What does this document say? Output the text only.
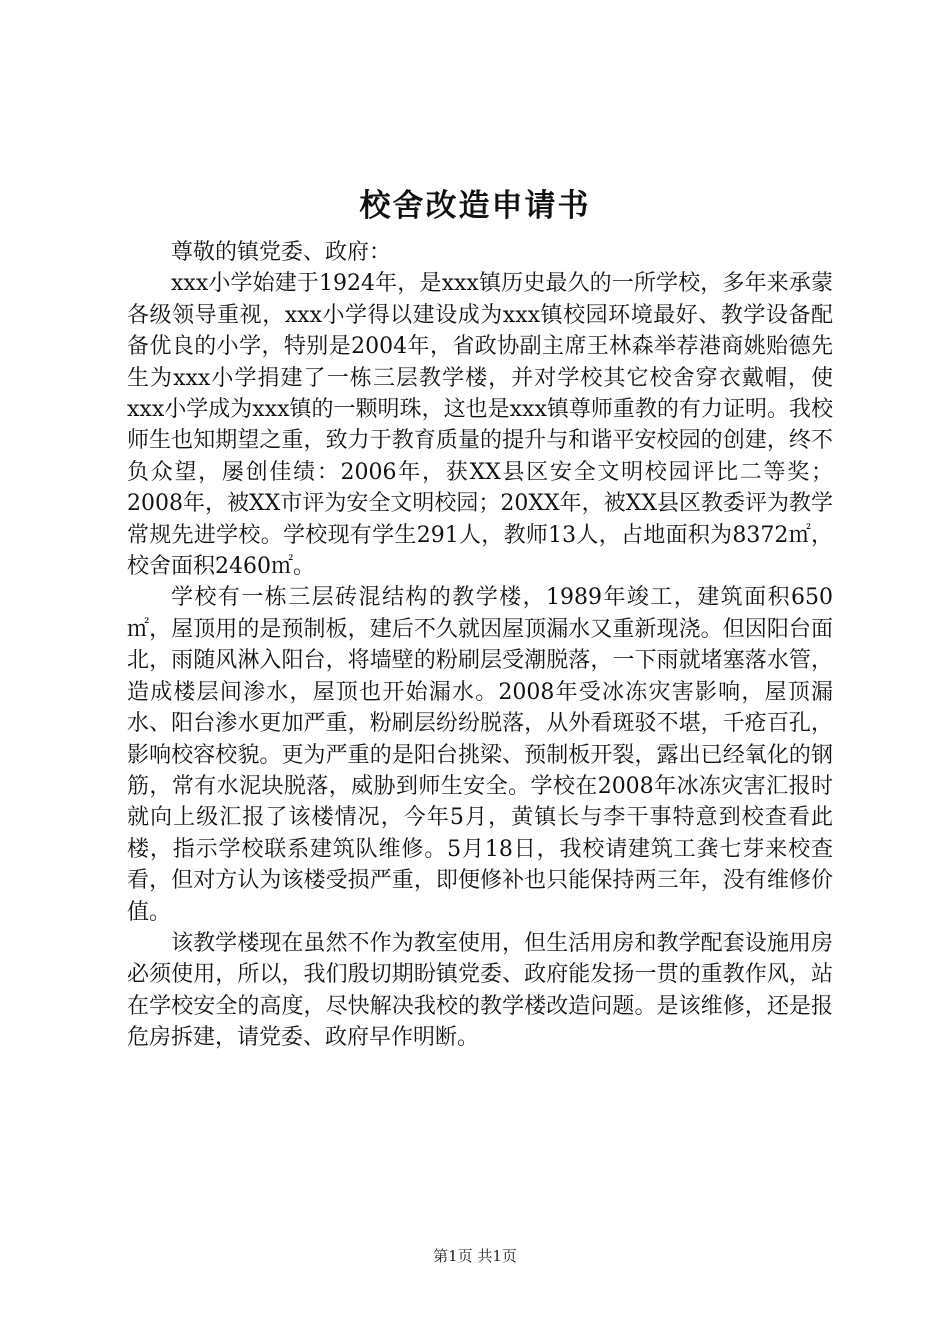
校舍改造申请书

尊敬的镇党委、政府：

xxx小学始建于1924年，是xxx镇历史最久的一所学校，多年来承蒙各级领导重视，xxx小学得以建设成为xxx镇校园环境最好、教学设备配备优良的小学，特别是2004年，省政协副主席王林森举荐港商姚贻德先生为xxx小学捐建了一栋三层教学楼，并对学校其它校舍穿衣戴帽，使xxx小学成为xxx镇的一颗明珠，这也是xxx镇尊师重教的有力证明。我校师生也知期望之重，致力于教育质量的提升与和谐平安校园的创建，终不负众望，屡创佳绩：2006年，获XX县区安全文明校园评比二等奖；2008年，被XX市评为安全文明校园；20XX年，被XX县区教委评为教学常规先进学校。学校现有学生291人，教师13人，占地面积为8372㎡，校舍面积2460㎡。

学校有一栋三层砖混结构的教学楼，1989年竣工，建筑面积650㎡，屋顶用的是预制板，建后不久就因屋顶漏水又重新现浇。但因阳台面北，雨随风淋入阳台，将墙壁的粉刷层受潮脱落，一下雨就堵塞落水管，造成楼层间渗水，屋顶也开始漏水。2008年受冰冻灾害影响，屋顶漏水、阳台渗水更加严重，粉刷层纷纷脱落，从外看斑驳不堪，千疮百孔，影响校容校貌。更为严重的是阳台挑梁、预制板开裂，露出已经氧化的钢筋，常有水泥块脱落，威胁到师生安全。学校在2008年冰冻灾害汇报时就向上级汇报了该楼情况，今年5月，黄镇长与李干事特意到校查看此楼，指示学校联系建筑队维修。5月18日，我校请建筑工龚七芽来校查看，但对方认为该楼受损严重，即便修补也只能保持两三年，没有维修价值。

该教学楼现在虽然不作为教室使用，但生活用房和教学配套设施用房必须使用，所以，我们殷切期盼镇党委、政府能发扬一贯的重教作风，站在学校安全的高度，尽快解决我校的教学楼改造问题。是该维修，还是报危房拆建，请党委、政府早作明断。

第1页 共1页
